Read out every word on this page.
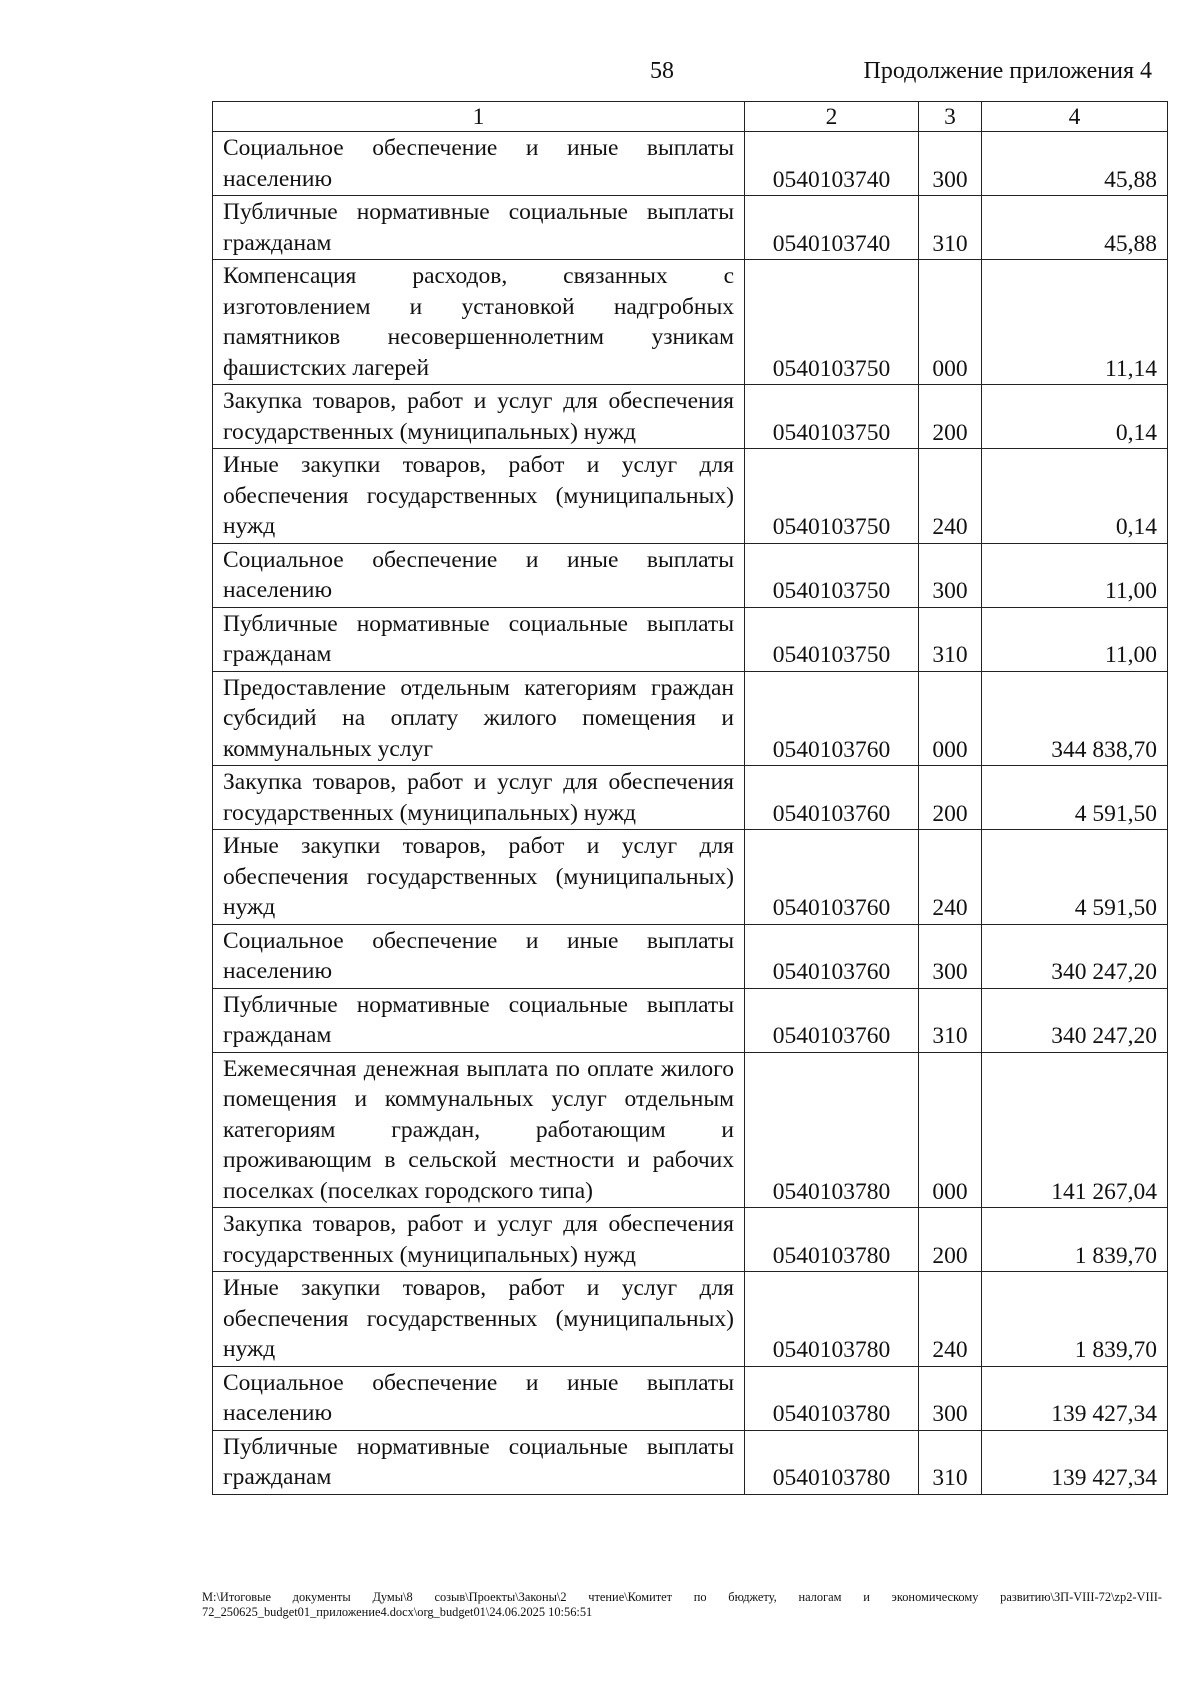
58	Продолжение приложения 4
1	2	3	4
Социальное обеспечение и иные выплаты населению	0540103740	300	45,88
Публичные нормативные социальные выплаты гражданам	0540103740	310	45,88
Компенсация расходов, связанных с изготовлением и установкой надгробных памятников несовершеннолетним узникам фашистских лагерей	0540103750	000	11,14
Закупка товаров, работ и услуг для обеспечения государственных (муниципальных) нужд	0540103750	200	0,14
Иные закупки товаров, работ и услуг для обеспечения государственных (муниципальных) нужд	0540103750	240	0,14
Социальное обеспечение и иные выплаты населению	0540103750	300	11,00
Публичные нормативные социальные выплаты гражданам	0540103750	310	11,00
Предоставление отдельным категориям граждан субсидий на оплату жилого помещения и коммунальных услуг	0540103760	000	344 838,70
Закупка товаров, работ и услуг для обеспечения государственных (муниципальных) нужд	0540103760	200	4 591,50
Иные закупки товаров, работ и услуг для обеспечения государственных (муниципальных) нужд	0540103760	240	4 591,50
Социальное обеспечение и иные выплаты населению	0540103760	300	340 247,20
Публичные нормативные социальные выплаты гражданам	0540103760	310	340 247,20
Ежемесячная денежная выплата по оплате жилого помещения и коммунальных услуг отдельным категориям граждан, работающим и проживающим в сельской местности и рабочих поселках (поселках городского типа)	0540103780	000	141 267,04
Закупка товаров, работ и услуг для обеспечения государственных (муниципальных) нужд	0540103780	200	1 839,70
Иные закупки товаров, работ и услуг для обеспечения государственных (муниципальных) нужд	0540103780	240	1 839,70
Социальное обеспечение и иные выплаты населению	0540103780	300	139 427,34
Публичные нормативные социальные выплаты гражданам	0540103780	310	139 427,34
M:\Итоговые документы Думы\8 созыв\Проекты\Законы\2 чтение\Комитет по бюджету, налогам и экономическому развитию\ЗП-VIII-72\zp2-VIII-72_250625_budget01_приложение4.docx\org_budget01\24.06.2025 10:56:51
